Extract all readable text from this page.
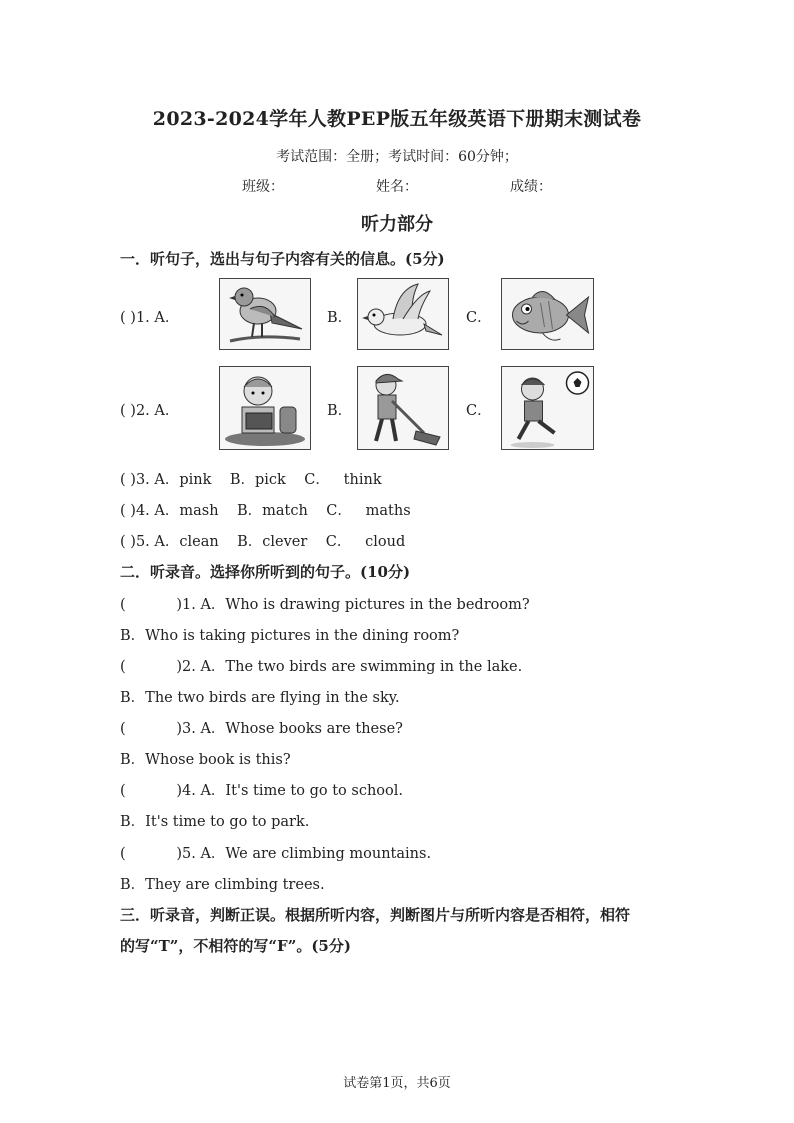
2023-2024学年人教PEP版五年级英语下册期末测试卷
考试范围：全册；考试时间：60分钟；
班级：	姓名：	成绩：
听力部分
一．听句子，选出与句子内容有关的信息。(5分)
( )1. A．	B．	C．
( )2. A．	B．	C．
( )3. A．pink    B．pick    C．   think
( )4. A．mash    B．match    C．   maths
( )5. A．clean    B．clever    C．   cloud
二．听录音。选择你所听到的句子。(10分)
(           )1. A．Who is drawing pictures in the bedroom?
B．Who is taking pictures in the dining room?
(           )2. A．The two birds are swimming in the lake.
B．The two birds are flying in the sky.
(           )3. A．Whose books are these?
B．Whose book is this?
(           )4. A．It's time to go to school.
B．It's time to go to park.
(           )5. A．We are climbing mountains.
B．They are climbing trees.
三．听录音，判断正误。根据所听内容，判断图片与所听内容是否相符，相符
的写“T”，不相符的写“F”。(5分)
试卷第1页，共6页
